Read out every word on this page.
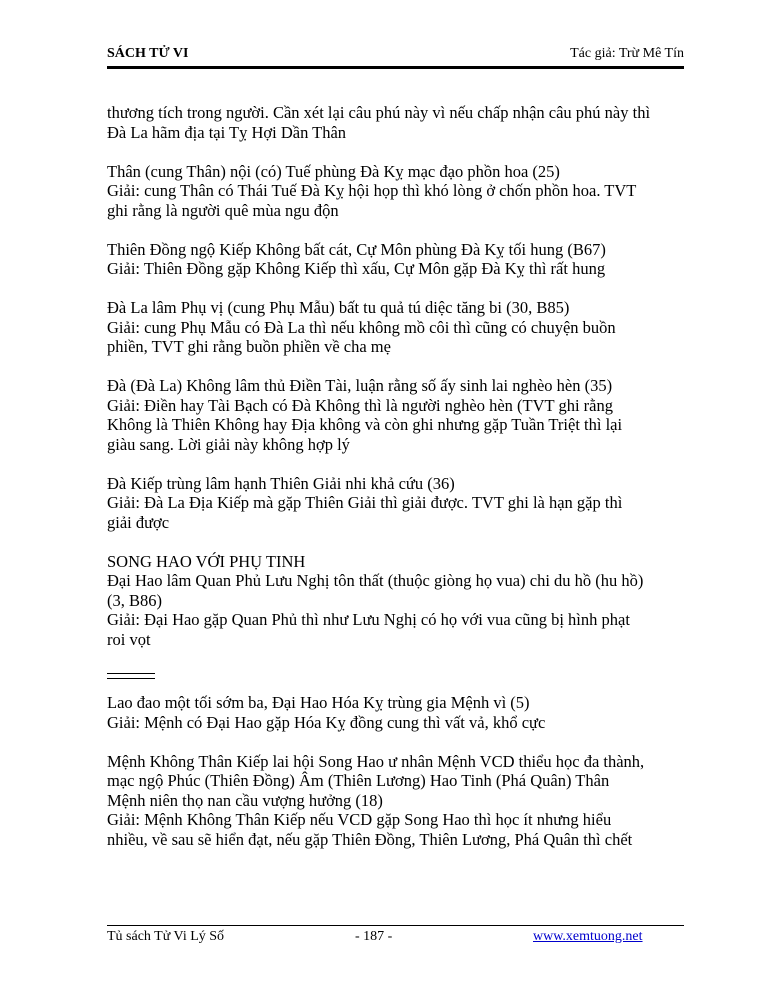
SÁCH TỬ VI	Tác giả: Trừ Mê Tín

thương tích trong người. Cần xét lại câu phú này vì nếu chấp nhận câu phú này thì
Đà La hãm địa tại Tỵ Hợi Dần Thân

Thân (cung Thân) nội (có) Tuế phùng Đà Kỵ mạc đạo phồn hoa (25)
Giải: cung Thân có Thái Tuế Đà Kỵ hội họp thì khó lòng ở chốn phồn hoa. TVT
ghi rằng là người quê mùa ngu độn

Thiên Đồng ngộ Kiếp Không bất cát, Cự Môn phùng Đà Kỵ tối hung (B67)
Giải: Thiên Đồng gặp Không Kiếp thì xấu, Cự Môn gặp Đà Kỵ thì rất hung

Đà La lâm Phụ vị (cung Phụ Mẫu) bất tu quả tú diệc tăng bi (30, B85)
Giải: cung Phụ Mẫu có Đà La thì nếu không mồ côi thì cũng có chuyện buồn
phiền, TVT ghi rằng buồn phiền về cha mẹ

Đà (Đà La) Không lâm thủ Điền Tài, luận rằng số ấy sinh lai nghèo hèn (35)
Giải: Điền hay Tài Bạch có Đà Không thì là người nghèo hèn (TVT ghi rằng
Không là Thiên Không hay Địa không và còn ghi nhưng gặp Tuần Triệt thì lại
giàu sang. Lời giải này không hợp lý

Đà Kiếp trùng lâm hạnh Thiên Giải nhi khả cứu (36)
Giải: Đà La Địa Kiếp mà gặp Thiên Giải thì giải được. TVT ghi là hạn gặp thì
giải được

SONG HAO VỚI PHỤ TINH

Đại Hao lâm Quan Phủ Lưu Nghị tôn thất (thuộc giòng họ vua) chi du hồ (hu hồ)
(3, B86)
Giải: Đại Hao gặp Quan Phủ thì như Lưu Nghị có họ với vua cũng bị hình phạt
roi vọt

Lao đao một tối sớm ba, Đại Hao Hóa Kỵ trùng gia Mệnh vì (5)
Giải: Mệnh có Đại Hao gặp Hóa Kỵ đồng cung thì vất vả, khổ cực

Mệnh Không Thân Kiếp lai hội Song Hao ư nhân Mệnh VCD thiểu học đa thành,
mạc ngộ Phúc (Thiên Đồng) Âm (Thiên Lương) Hao Tinh (Phá Quân) Thân
Mệnh niên thọ nan cầu vượng hưởng (18)
Giải: Mệnh Không Thân Kiếp nếu VCD gặp Song Hao thì học ít nhưng hiểu
nhiều, về sau sẽ hiển đạt, nếu gặp Thiên Đồng, Thiên Lương, Phá Quân thì chết

Tủ sách Tử Vi Lý Số	- 187 -	www.xemtuong.net
